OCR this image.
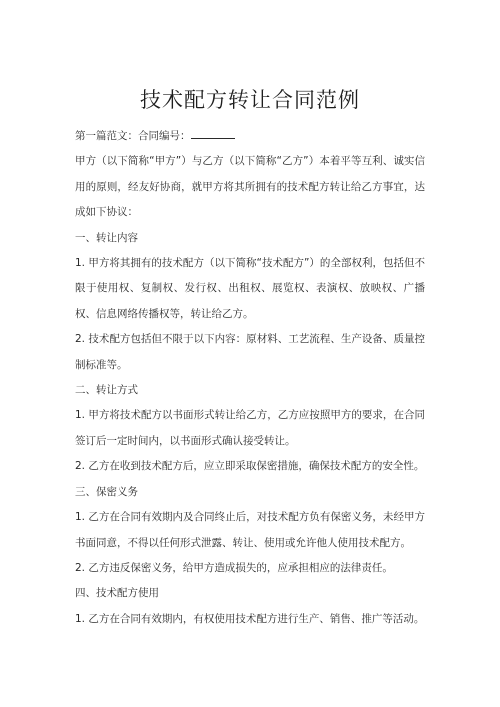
技术配方转让合同范例

第一篇范文：合同编号：

甲方（以下简称“甲方”）与乙方（以下简称“乙方”）本着平等互利、诚实信用的原则，经友好协商，就甲方将其所拥有的技术配方转让给乙方事宜，达成如下协议：

一、转让内容

1. 甲方将其拥有的技术配方（以下简称“技术配方”）的全部权利，包括但不限于使用权、复制权、发行权、出租权、展览权、表演权、放映权、广播权、信息网络传播权等，转让给乙方。

2. 技术配方包括但不限于以下内容：原材料、工艺流程、生产设备、质量控制标准等。

二、转让方式

1. 甲方将技术配方以书面形式转让给乙方，乙方应按照甲方的要求，在合同签订后一定时间内，以书面形式确认接受转让。

2. 乙方在收到技术配方后，应立即采取保密措施，确保技术配方的安全性。

三、保密义务

1. 乙方在合同有效期内及合同终止后，对技术配方负有保密义务，未经甲方书面同意，不得以任何形式泄露、转让、使用或允许他人使用技术配方。

2. 乙方违反保密义务，给甲方造成损失的，应承担相应的法律责任。

四、技术配方使用

1. 乙方在合同有效期内，有权使用技术配方进行生产、销售、推广等活动。
